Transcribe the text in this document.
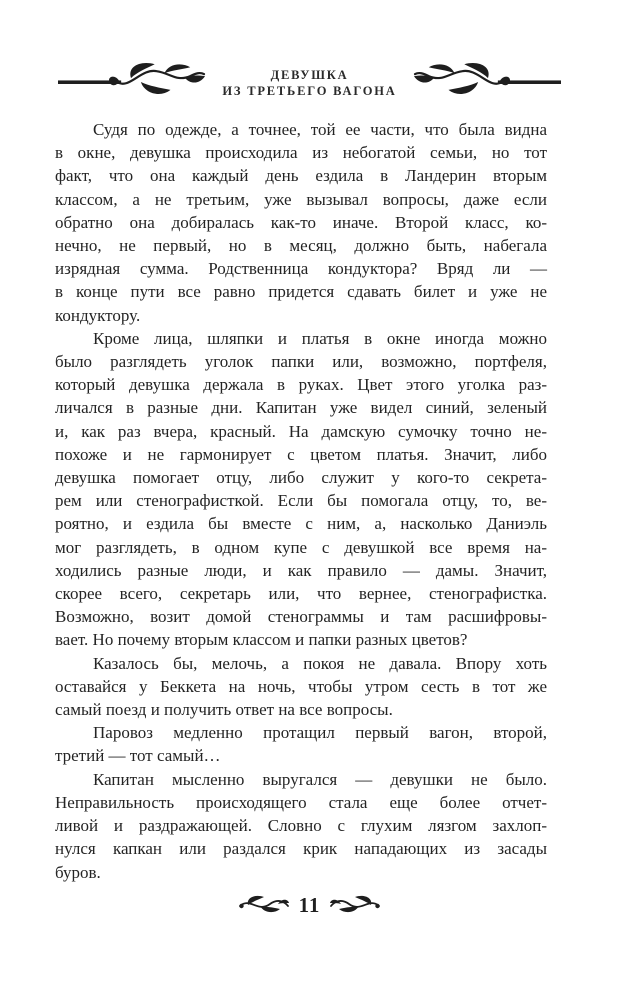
ДЕВУШКА
ИЗ ТРЕТЬЕГО ВАГОНА
Судя по одежде, а точнее, той ее части, что была видна
в окне, девушка происходила из небогатой семьи, но тот
факт, что она каждый день ездила в Ландерин вторым
классом, а не третьим, уже вызывал вопросы, даже если
обратно она добиралась как-то иначе. Второй класс, ко-
нечно, не первый, но в месяц, должно быть, набегала
изрядная сумма. Родственница кондуктора? Вряд ли —
в конце пути все равно придется сдавать билет и уже не
кондуктору.
Кроме лица, шляпки и платья в окне иногда можно
было разглядеть уголок папки или, возможно, портфеля,
который девушка держала в руках. Цвет этого уголка раз-
личался в разные дни. Капитан уже видел синий, зеленый
и, как раз вчера, красный. На дамскую сумочку точно не-
похоже и не гармонирует с цветом платья. Значит, либо
девушка помогает отцу, либо служит у кого-то секрета-
рем или стенографисткой. Если бы помогала отцу, то, ве-
роятно, и ездила бы вместе с ним, а, насколько Даниэль
мог разглядеть, в одном купе с девушкой все время на-
ходились разные люди, и как правило — дамы. Значит,
скорее всего, секретарь или, что вернее, стенографистка.
Возможно, возит домой стенограммы и там расшифровы-
вает. Но почему вторым классом и папки разных цветов?
Казалось бы, мелочь, а покоя не давала. Впору хоть
оставайся у Беккета на ночь, чтобы утром сесть в тот же
самый поезд и получить ответ на все вопросы.
Паровоз медленно протащил первый вагон, второй,
третий — тот самый…
Капитан мысленно выругался — девушки не было.
Неправильность происходящего стала еще более отчет-
ливой и раздражающей. Словно с глухим лязгом захлоп-
нулся капкан или раздался крик нападающих из засады
буров.
11
